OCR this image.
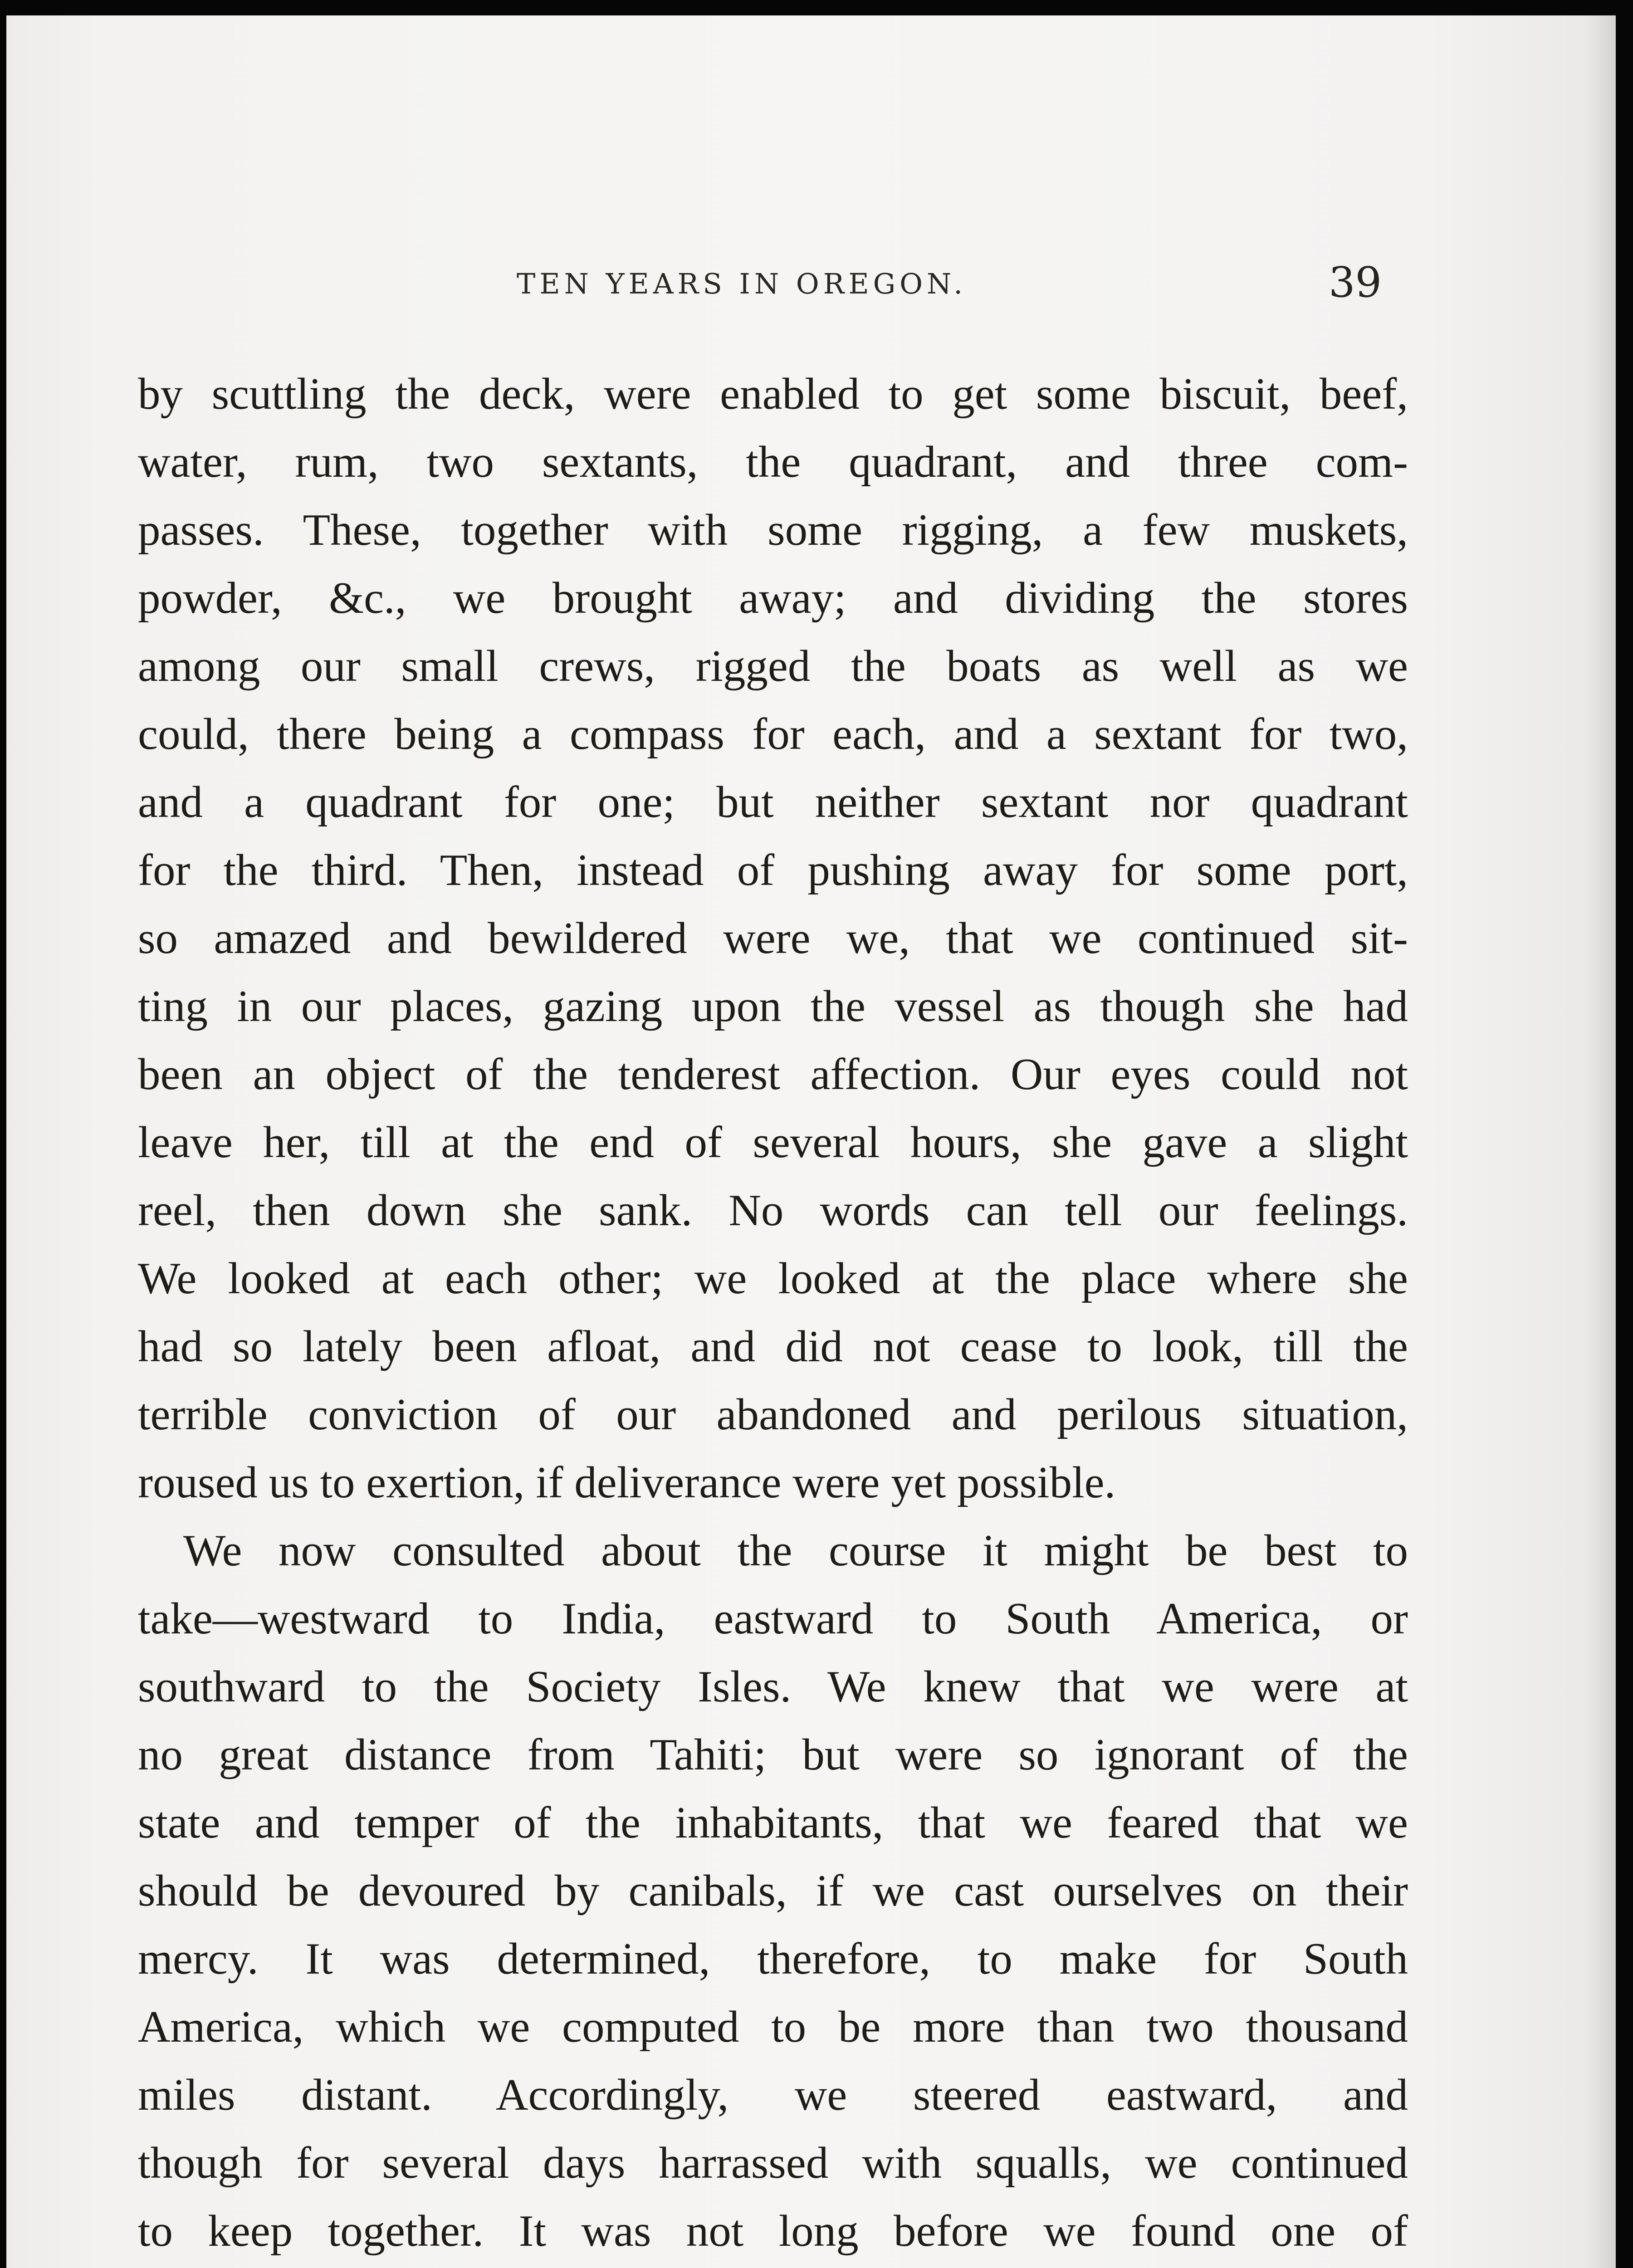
TEN YEARS IN OREGON.	39
by scuttling the deck, were enabled to get some biscuit, beef,
water, rum, two sextants, the quadrant, and three com-
passes. These, together with some rigging, a few muskets,
powder, &c., we brought away; and dividing the stores
among our small crews, rigged the boats as well as we
could, there being a compass for each, and a sextant for two,
and a quadrant for one; but neither sextant nor quadrant
for the third. Then, instead of pushing away for some port,
so amazed and bewildered were we, that we continued sit-
ting in our places, gazing upon the vessel as though she had
been an object of the tenderest affection. Our eyes could not
leave her, till at the end of several hours, she gave a slight
reel, then down she sank. No words can tell our feelings.
We looked at each other; we looked at the place where she
had so lately been afloat, and did not cease to look, till the
terrible conviction of our abandoned and perilous situation,
roused us to exertion, if deliverance were yet possible.
We now consulted about the course it might be best to
take—westward to India, eastward to South America, or
southward to the Society Isles. We knew that we were at
no great distance from Tahiti; but were so ignorant of the
state and temper of the inhabitants, that we feared that we
should be devoured by canibals, if we cast ourselves on their
mercy. It was determined, therefore, to make for South
America, which we computed to be more than two thousand
miles distant. Accordingly, we steered eastward, and
though for several days harrassed with squalls, we continued
to keep together. It was not long before we found one of
